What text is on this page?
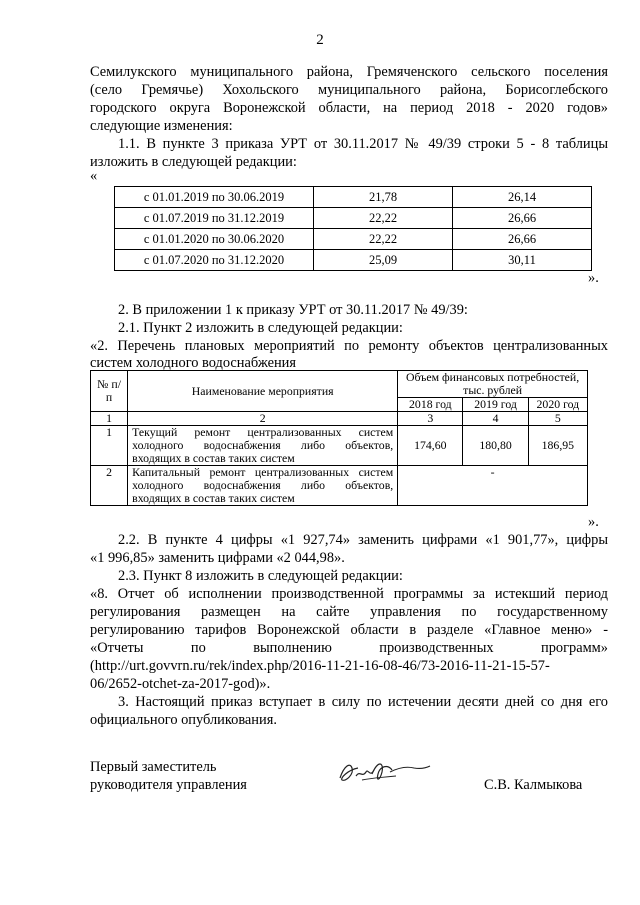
2

Семилукского муниципального района, Гремяченского сельского поселения

(село Гремячье) Хохольского муниципального района, Борисоглебского

городского округа Воронежской области, на период 2018 - 2020 годов»

следующие изменения:

1.1. В пункте 3 приказа УРТ от 30.11.2017 № 49/39 строки 5 - 8 таблицы

изложить в следующей редакции:

«
с 01.01.2019 по 30.06.2019	21,78	26,14
с 01.07.2019 по 31.12.2019	22,22	26,66
с 01.01.2020 по 30.06.2020	22,22	26,66
с 01.07.2020 по 31.12.2020	25,09	30,11
».

2. В приложении 1 к приказу УРТ от 30.11.2017 № 49/39:

2.1. Пункт 2 изложить в следующей редакции:

«2. Перечень плановых мероприятий по ремонту объектов централизованных

систем холодного водоснабжения

№ п/п	Наименование мероприятия	Объем финансовых потребностей, тыс. рублей		
		2018 год	2019 год	2020 год
1	2	3	4	5
1	Текущий ремонт централизованных систем холодного водоснабжения либо объектов, входящих в состав таких систем	174,60	180,80	186,95
2	Капитальный ремонт централизованных систем холодного водоснабжения либо объектов, входящих в состав таких систем	-		
».

2.2. В пункте 4 цифры «1 927,74» заменить цифрами «1 901,77», цифры

«1 996,85» заменить цифрами «2 044,98».

2.3. Пункт 8 изложить в следующей редакции:

«8. Отчет об исполнении производственной программы за истекший период

регулирования размещен на сайте управления по государственному

регулированию тарифов Воронежской области в разделе «Главное меню» -

«Отчеты по выполнению производственных программ»

(http://urt.govvrn.ru/rek/index.php/2016-11-21-16-08-46/73-2016-11-21-15-57-

06/2652-otchet-za-2017-god)».

3. Настоящий приказ вступает в силу по истечении десяти дней со дня его

официального опубликования.

Первый заместитель
руководителя управления	С.В. Калмыкова
